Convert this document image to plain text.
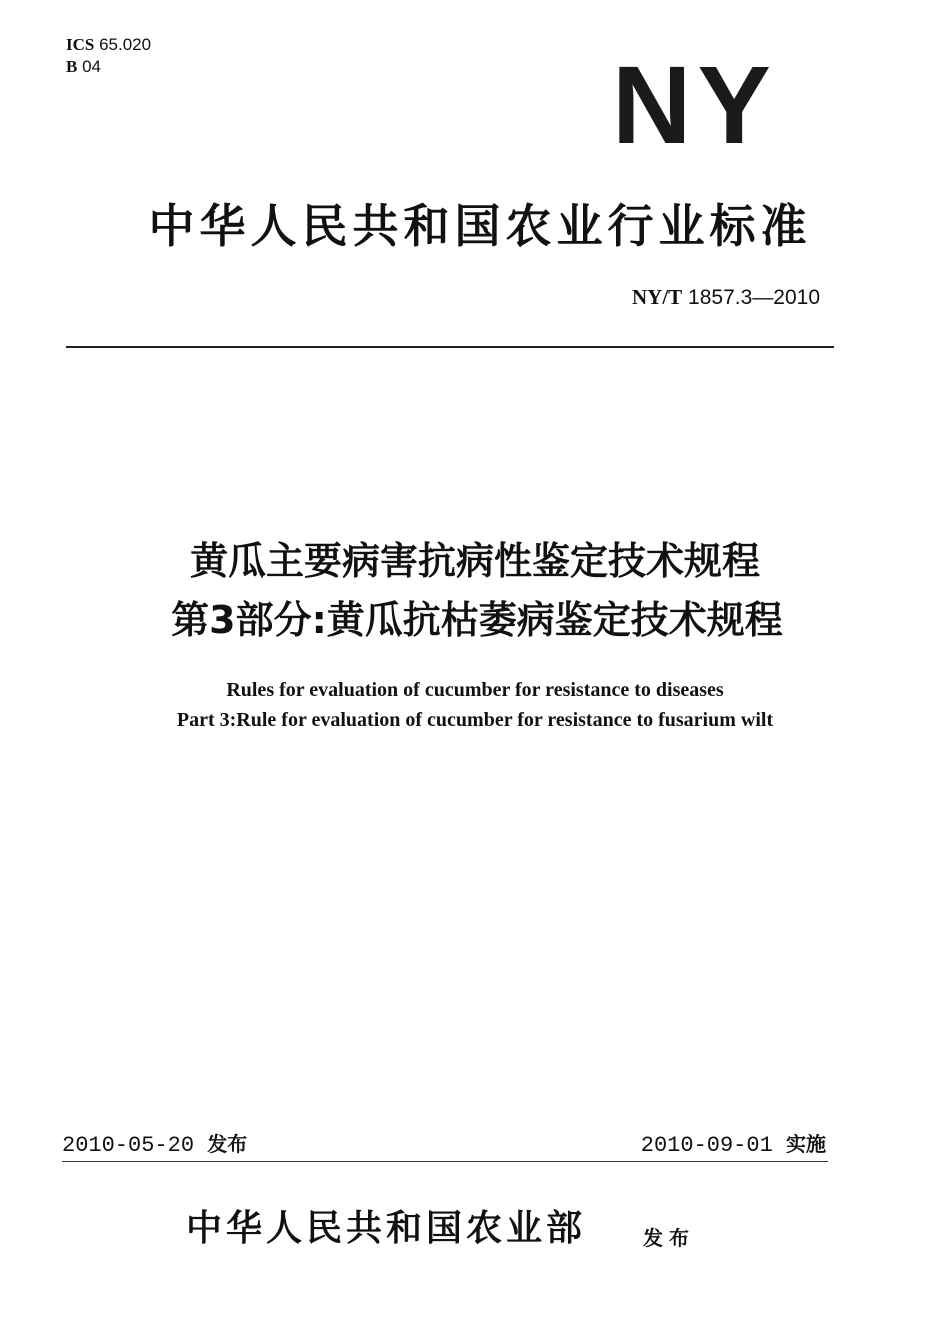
ICS 65.020
B 04	NY
中华人民共和国农业行业标准
NY/T 1857.3—2010
黄瓜主要病害抗病性鉴定技术规程
第3部分:黄瓜抗枯萎病鉴定技术规程
Rules for evaluation of cucumber for resistance to diseases
Part 3:Rule for evaluation of cucumber for resistance to fusarium wilt
2010-05-20 发布	2010-09-01 实施
中华人民共和国农业部	发布
